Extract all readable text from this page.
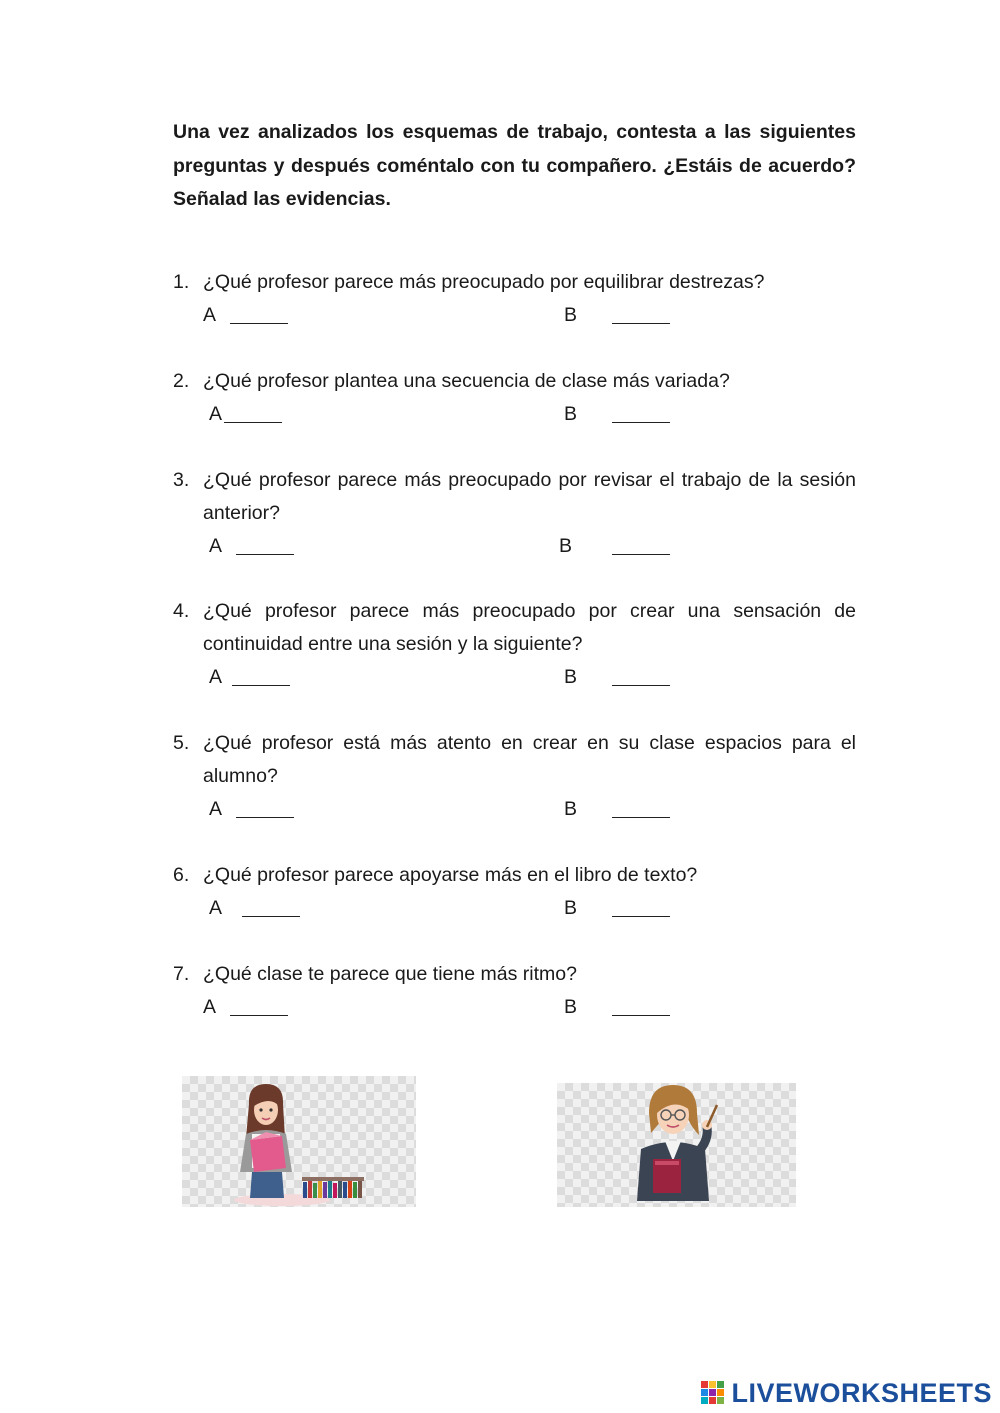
Una vez analizados los esquemas de trabajo, contesta a las siguientes preguntas y después coméntalo con tu compañero. ¿Estáis de acuerdo? Señalad las evidencias.

1. ¿Qué profesor parece más preocupado por equilibrar destrezas?
A	B
2. ¿Qué profesor plantea una secuencia de clase más variada?
A	B
3. ¿Qué profesor parece más preocupado por revisar el trabajo de la sesión anterior?
A	B
4. ¿Qué profesor parece más preocupado por crear una sensación de continuidad entre una sesión y la siguiente?
A	B
5. ¿Qué profesor está más atento en crear en su clase espacios para el alumno?
A	B
6. ¿Qué profesor parece apoyarse más en el libro de texto?
A	B
7. ¿Qué clase te parece que tiene más ritmo?
A	B
LIVEWORKSHEETS
